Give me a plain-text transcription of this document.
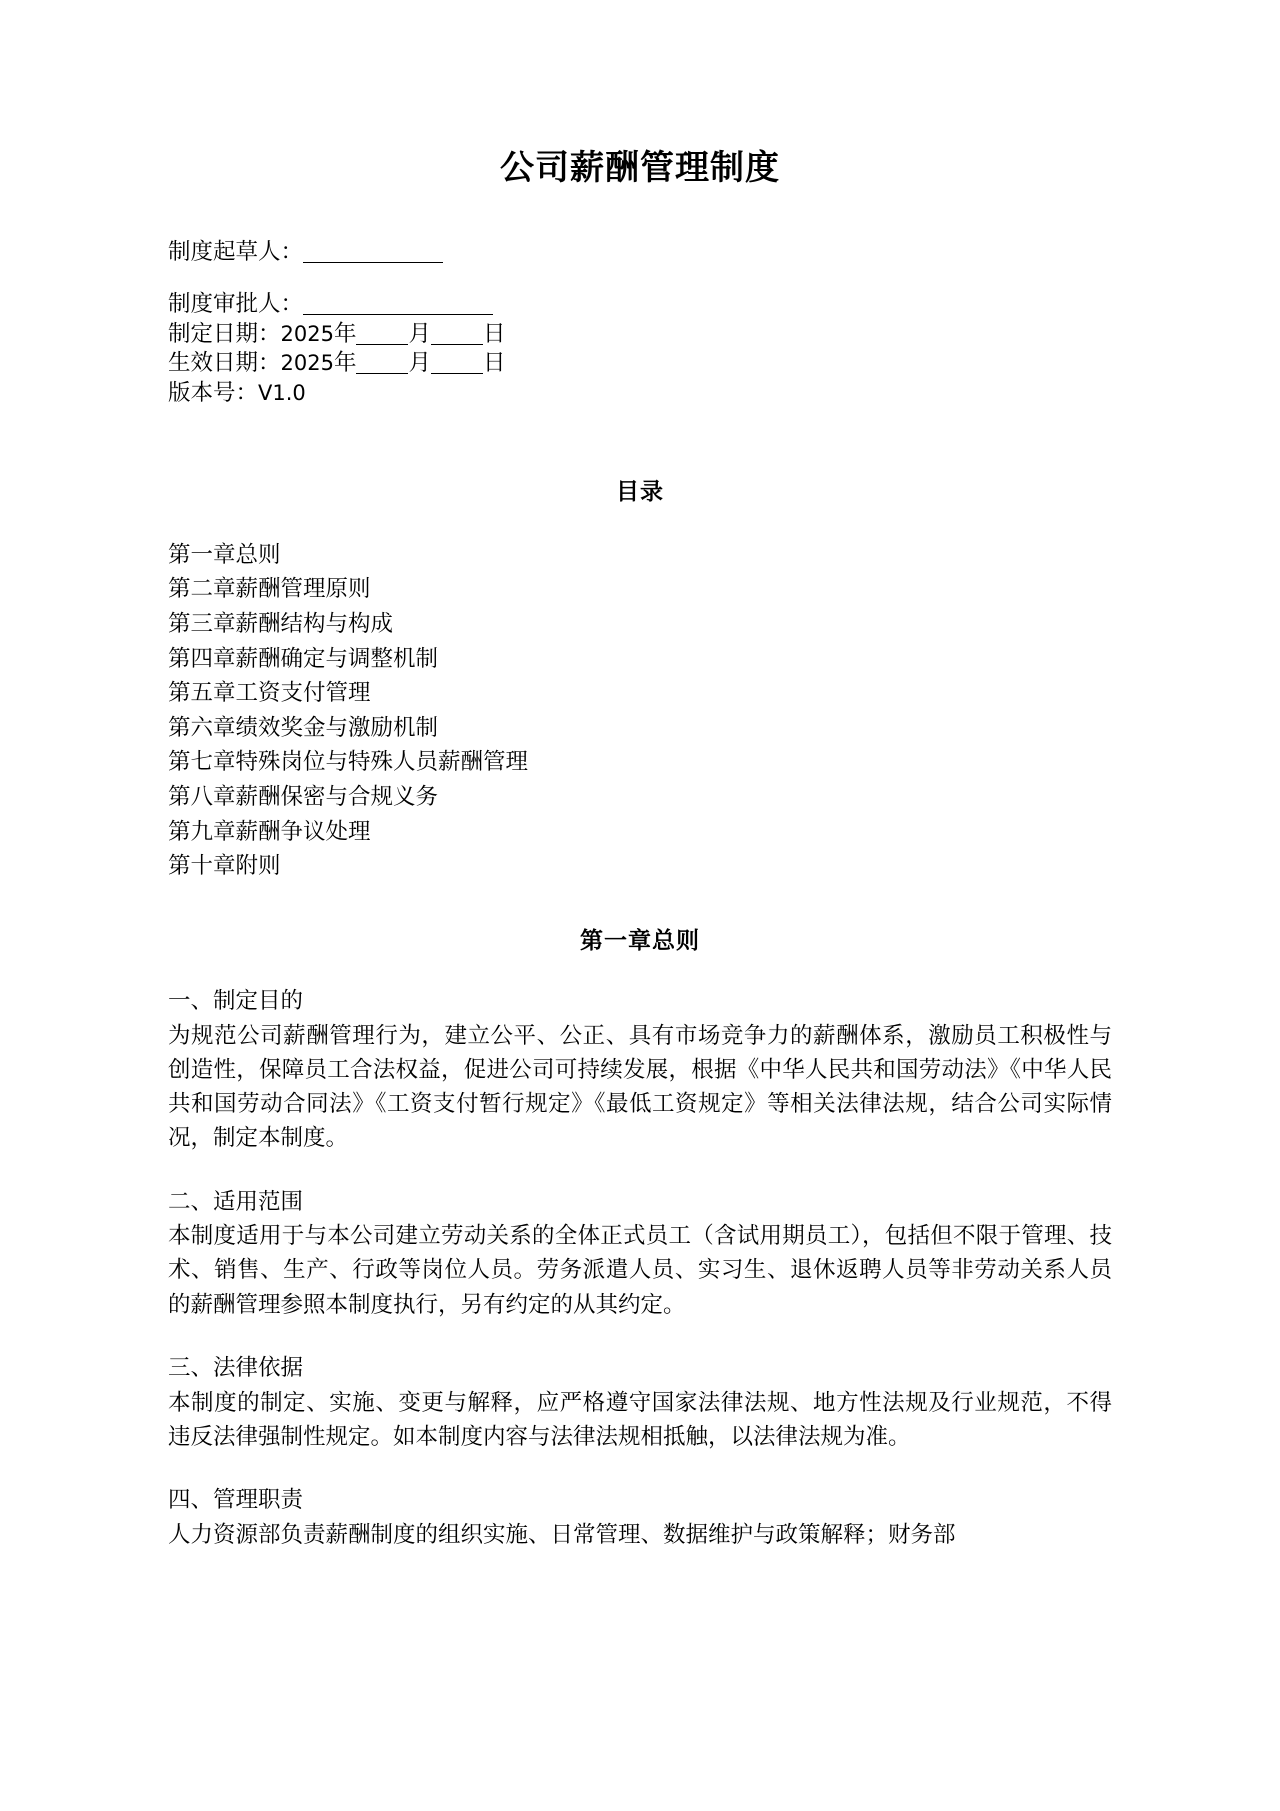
公司薪酬管理制度
制度起草人：
制度审批人：
制定日期：2025年 月 日
生效日期：2025年 月 日
版本号：V1.0
目录
第一章总则
第二章薪酬管理原则
第三章薪酬结构与构成
第四章薪酬确定与调整机制
第五章工资支付管理
第六章绩效奖金与激励机制
第七章特殊岗位与特殊人员薪酬管理
第八章薪酬保密与合规义务
第九章薪酬争议处理
第十章附则
第一章总则

一、制定目的

为规范公司薪酬管理行为，建立公平、公正、具有市场竞争力的薪酬体系，激励员工积极性与创造性，保障员工合法权益，促进公司可持续发展，根据《中华人民共和国劳动法》《中华人民共和国劳动合同法》《工资支付暂行规定》《最低工资规定》等相关法律法规，结合公司实际情况，制定本制度。

二、适用范围

本制度适用于与本公司建立劳动关系的全体正式员工（含试用期员工），包括但不限于管理、技术、销售、生产、行政等岗位人员。劳务派遣人员、实习生、退休返聘人员等非劳动关系人员的薪酬管理参照本制度执行，另有约定的从其约定。

三、法律依据

本制度的制定、实施、变更与解释，应严格遵守国家法律法规、地方性法规及行业规范，不得违反法律强制性规定。如本制度内容与法律法规相抵触，以法律法规为准。

四、管理职责

人力资源部负责薪酬制度的组织实施、日常管理、数据维护与政策解释；财务部
